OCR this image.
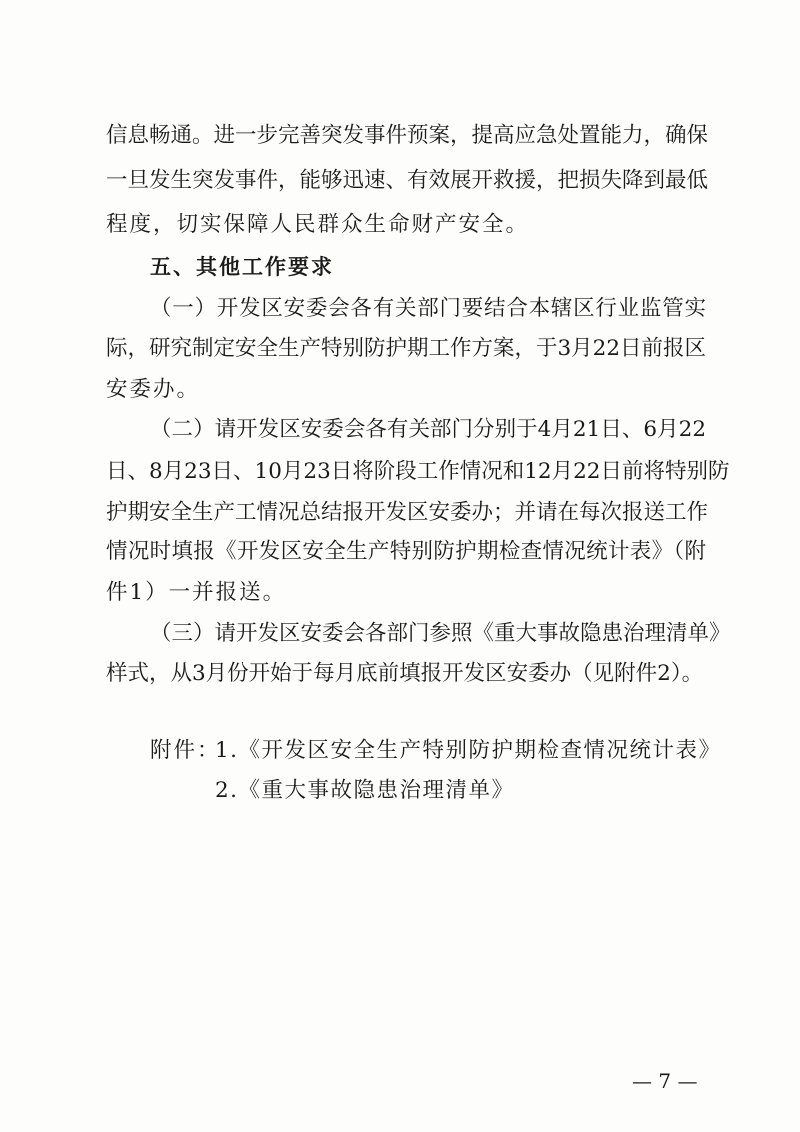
信息畅通。进一步完善突发事件预案，提高应急处置能力，确保
一旦发生突发事件，能够迅速、有效展开救援，把损失降到最低
程度，切实保障人民群众生命财产安全。
五、其他工作要求
（一）开发区安委会各有关部门要结合本辖区行业监管实
际，研究制定安全生产特别防护期工作方案，于3月22日前报区
安委办。
（二）请开发区安委会各有关部门分别于4月21日、6月22
日、8月23日、10月23日将阶段工作情况和12月22日前将特别防
护期安全生产工情况总结报开发区安委办；并请在每次报送工作
情况时填报《开发区安全生产特别防护期检查情况统计表》（附
件1）一并报送。
（三）请开发区安委会各部门参照《重大事故隐患治理清单》
样式，从3月份开始于每月底前填报开发区安委办（见附件2）。
附件：
1.《开发区安全生产特别防护期检查情况统计表》
2.《重大事故隐患治理清单》
— 7 —
